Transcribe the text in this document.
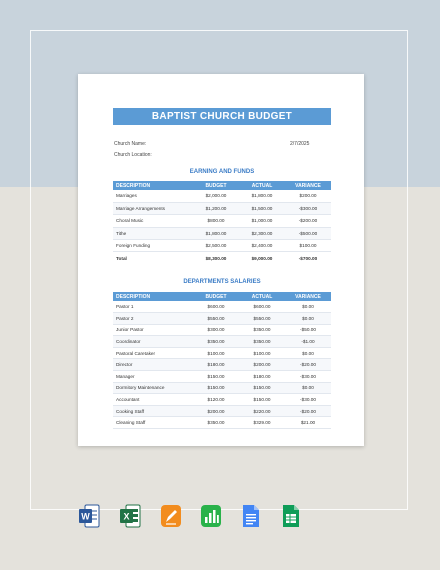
BAPTIST CHURCH BUDGET
Church Name:	2/7/2025
Church Location:
EARNING AND FUNDS
DESCRIPTION	BUDGET	ACTUAL	VARIANCE
Marriages	$2,000.00	$1,800.00	$200.00
Marriage Arrangements	$1,200.00	$1,500.00	-$300.00
Choral Music	$800.00	$1,000.00	-$200.00
Tithe	$1,800.00	$2,300.00	-$500.00
Foreign Funding	$2,500.00	$2,400.00	$100.00
Total	$8,300.00	$9,000.00	-$700.00
DEPARTMENTS SALARIES
DESCRIPTION	BUDGET	ACTUAL	VARIANCE
Pastor 1	$600.00	$600.00	$0.00
Pastor 2	$550.00	$550.00	$0.00
Junior Pastor	$300.00	$350.00	-$50.00
Coordinator	$350.00	$350.00	-$1.00
Pastoral Caretaker	$100.00	$100.00	$0.00
Director	$180.00	$200.00	-$20.00
Manager	$150.00	$180.00	-$30.00
Dormitory Maintenance	$150.00	$150.00	$0.00
Accountant	$120.00	$150.00	-$30.00
Cooking Staff	$200.00	$220.00	-$20.00
Cleaning Staff	$350.00	$329.00	$21.00
W	X
